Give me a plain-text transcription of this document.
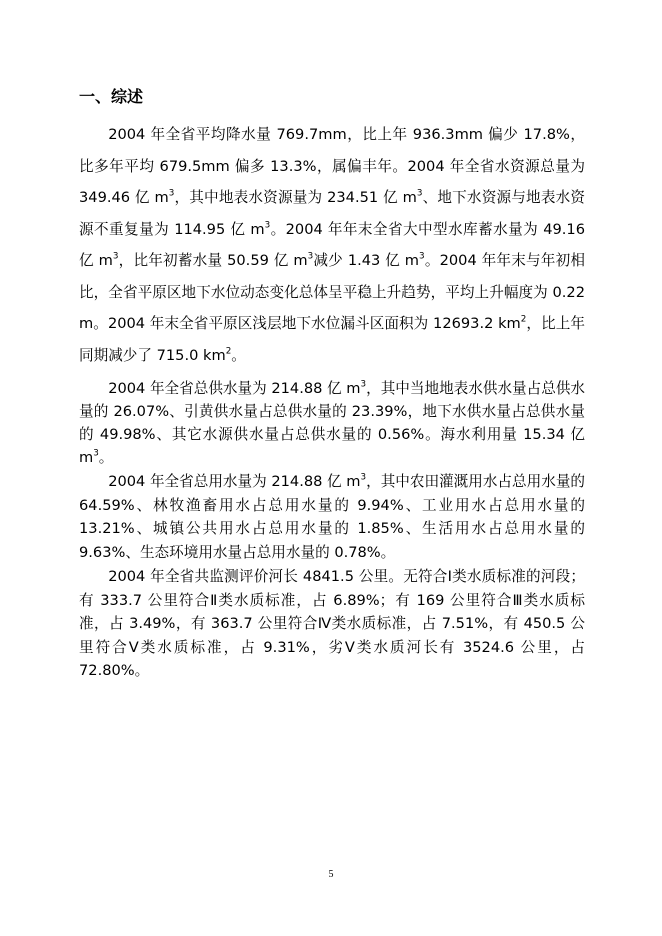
一、综述

2004 年全省平均降水量 769.7mm，比上年 936.3mm 偏少 17.8%，比多年平均 679.5mm 偏多 13.3%，属偏丰年。2004 年全省水资源总量为 349.46 亿 $m^3$，其中地表水资源量为 234.51 亿 $m^3$、地下水资源与地表水资源不重复量为 114.95 亿 $m^3$。2004 年年末全省大中型水库蓄水量为 49.16 亿 $m^3$，比年初蓄水量 50.59 亿 $m^3$减少 1.43 亿 $m^3$。2004 年年末与年初相比，全省平原区地下水位动态变化总体呈平稳上升趋势，平均上升幅度为 0.22 m。2004 年末全省平原区浅层地下水位漏斗区面积为 12693.2 $km^2$，比上年同期减少了 715.0 $km^2$。

2004 年全省总供水量为 214.88 亿 $m^3$，其中当地地表水供水量占总供水量的 26.07%、引黄供水量占总供水量的 23.39%，地下水供水量占总供水量的 49.98%、其它水源供水量占总供水量的 0.56%。海水利用量 15.34 亿 $m^3$。

2004 年全省总用水量为 214.88 亿 $m^3$，其中农田灌溉用水占总用水量的 64.59%、林牧渔畜用水占总用水量的 9.94%、工业用水占总用水量的 13.21%、城镇公共用水占总用水量的 1.85%、生活用水占总用水量的 9.63%、生态环境用水量占总用水量的 0.78%。

2004 年全省共监测评价河长 4841.5 公里。无符合Ⅰ类水质标准的河段；有 333.7 公里符合Ⅱ类水质标准，占 6.89%；有 169 公里符合Ⅲ类水质标准，占 3.49%，有 363.7 公里符合Ⅳ类水质标准，占 7.51%，有 450.5 公里符合Ⅴ类水质标准，占 9.31%，劣Ⅴ类水质河长有 3524.6 公里，占 72.80%。

5
